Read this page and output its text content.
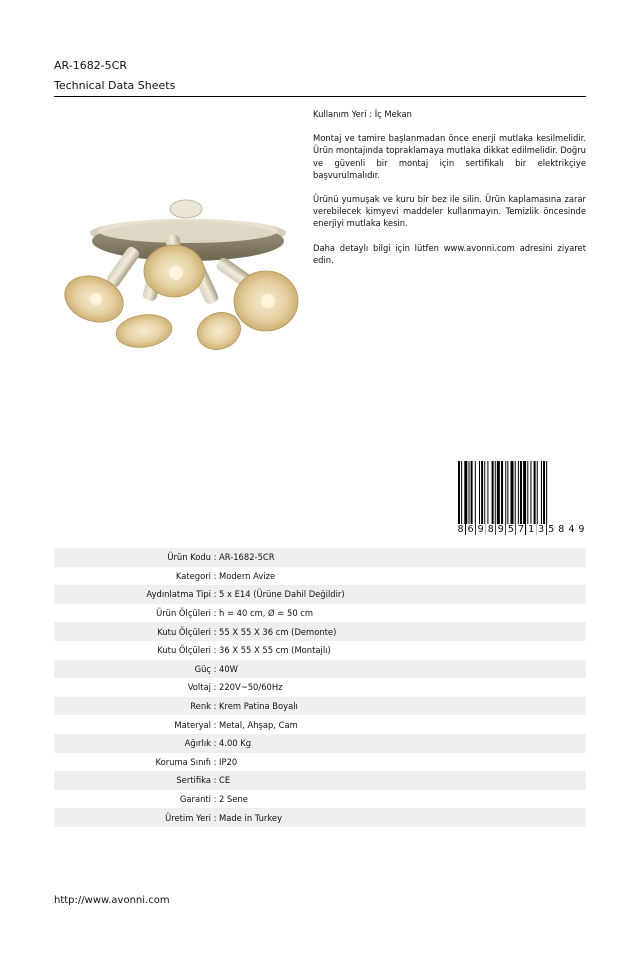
AR-1682-5CR
Technical Data Sheets

Kullanım Yeri : İç Mekan

Montaj ve tamire başlanmadan önce enerji mutlaka kesilmelidir. Ürün montajında topraklamaya mutlaka dikkat edilmelidir. Doğru ve güvenli bir montaj için sertifikalı bir elektrikçiye başvurulmalıdır.

Ürünü yumuşak ve kuru bir bez ile silin. Ürün kaplamasına zarar verebilecek kimyevi maddeler kullanmayın. Temizlik öncesinde enerjiyi mutlaka kesin.

Daha detaylı bilgi için lütfen www.avonni.com adresini ziyaret edin.

8 6 9 8 9 5 7 1 3 5 8 4 9
Ürün Kodu : AR-1682-5CR
Kategori : Modern Avize
Aydınlatma Tipi : 5 x E14 (Ürüne Dahil Değildir)
Ürün Ölçüleri : h = 40 cm, Ø = 50 cm
Kutu Ölçüleri : 55 X 55 X 36 cm (Demonte)
Kutu Ölçüleri : 36 X 55 X 55 cm (Montajlı)
Güç : 40W
Voltaj : 220V~50/60Hz
Renk : Krem Patina Boyalı
Materyal : Metal, Ahşap, Cam
Ağırlık : 4.00 Kg
Koruma Sınıfı : IP20
Sertifika : CE
Garanti : 2 Sene
Üretim Yeri : Made in Turkey
http://www.avonni.com
